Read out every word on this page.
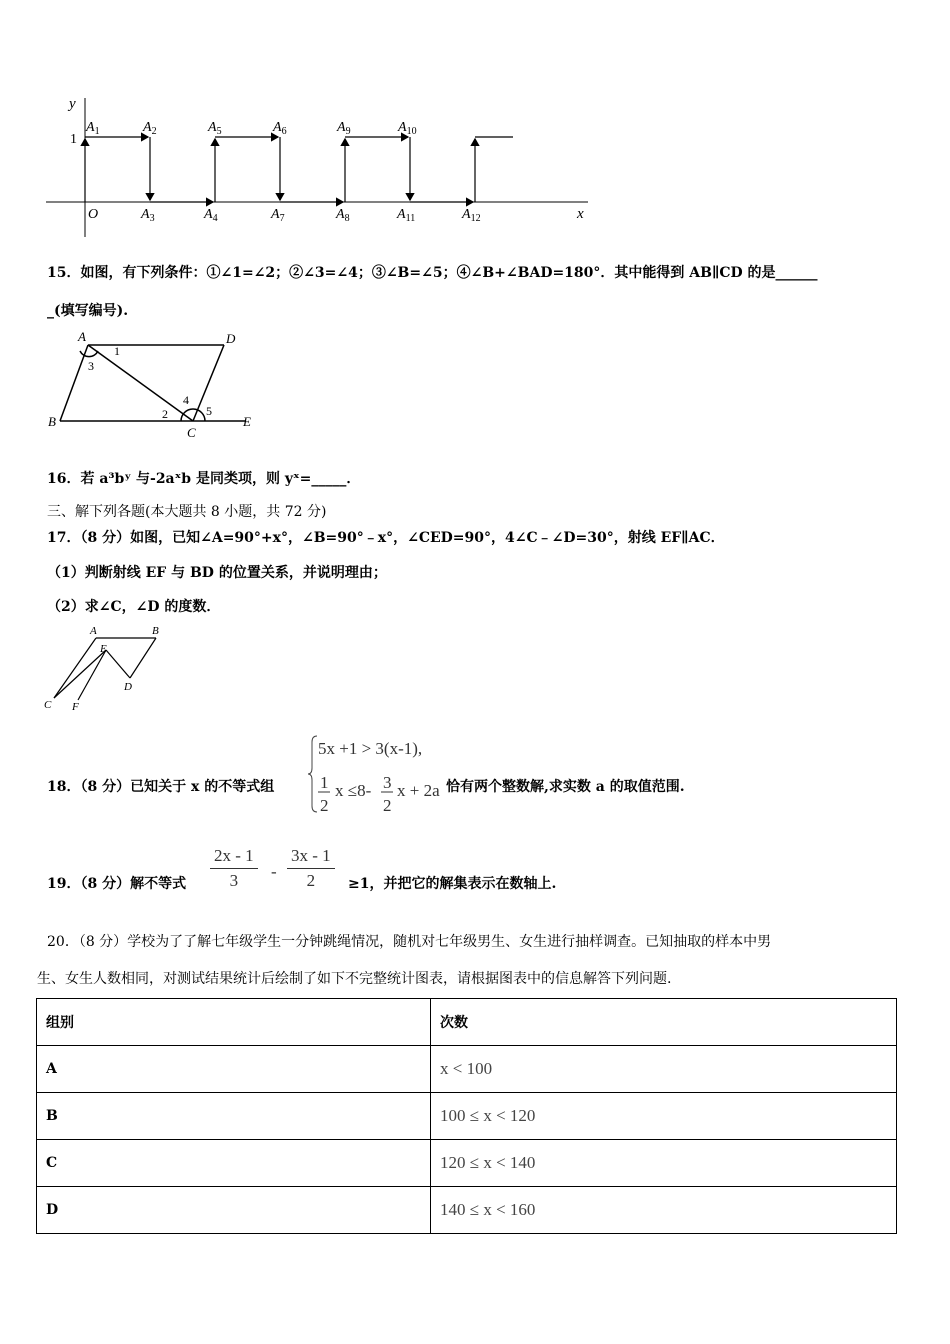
y
x
O
1
$A_1$	$A_2$	$A_5$	$A_6$	$A_9$	$A_{10}$
$A_3$	$A_4$	$A_7$	$A_8$	$A_{11}$	$A_{12}$
15．如图，有下列条件：①∠1=∠2；②∠3=∠4；③∠B=∠5；④∠B+∠BAD=180°．其中能得到 AB∥CD 的是______
_(填写编号).
A	D
B
C
E
1
3
2
4
5
16．若 a³bʸ 与-2aˣb 是同类项，则 yˣ=_____．
三、解下列各题(本大题共 8 小题，共 72 分)
17．（8 分）如图，已知∠A=90°+x°，∠B=90°﹣x°，∠CED=90°，4∠C﹣∠D=30°，射线 EF∥AC．
（1）判断射线 EF 与 BD 的位置关系，并说明理由；
（2）求∠C，∠D 的度数．
A	B
E
D
C F
18．（8 分）已知关于 x 的不等式组
5x +1 > 3(x-1),
1
2
x ≤8- 3
2
x + 2a 恰有两个整数解,求实数 a 的取值范围.
19．（8 分）解不等式 $\frac{2x - 1}{3} - \frac{3x - 1}{2} \ge 1$，并把它的解集表示在数轴上.
20．（8 分）学校为了了解七年级学生一分钟跳绳情况，随机对七年级男生、女生进行抽样调查。已知抽取的样本中男
生、女生人数相同，对测试结果统计后绘制了如下不完整统计图表，请根据图表中的信息解答下列问题.
组别	次数
A	x < 100
B	100 ≤ x < 120
C	120 ≤ x < 140
D	140 ≤ x < 160
